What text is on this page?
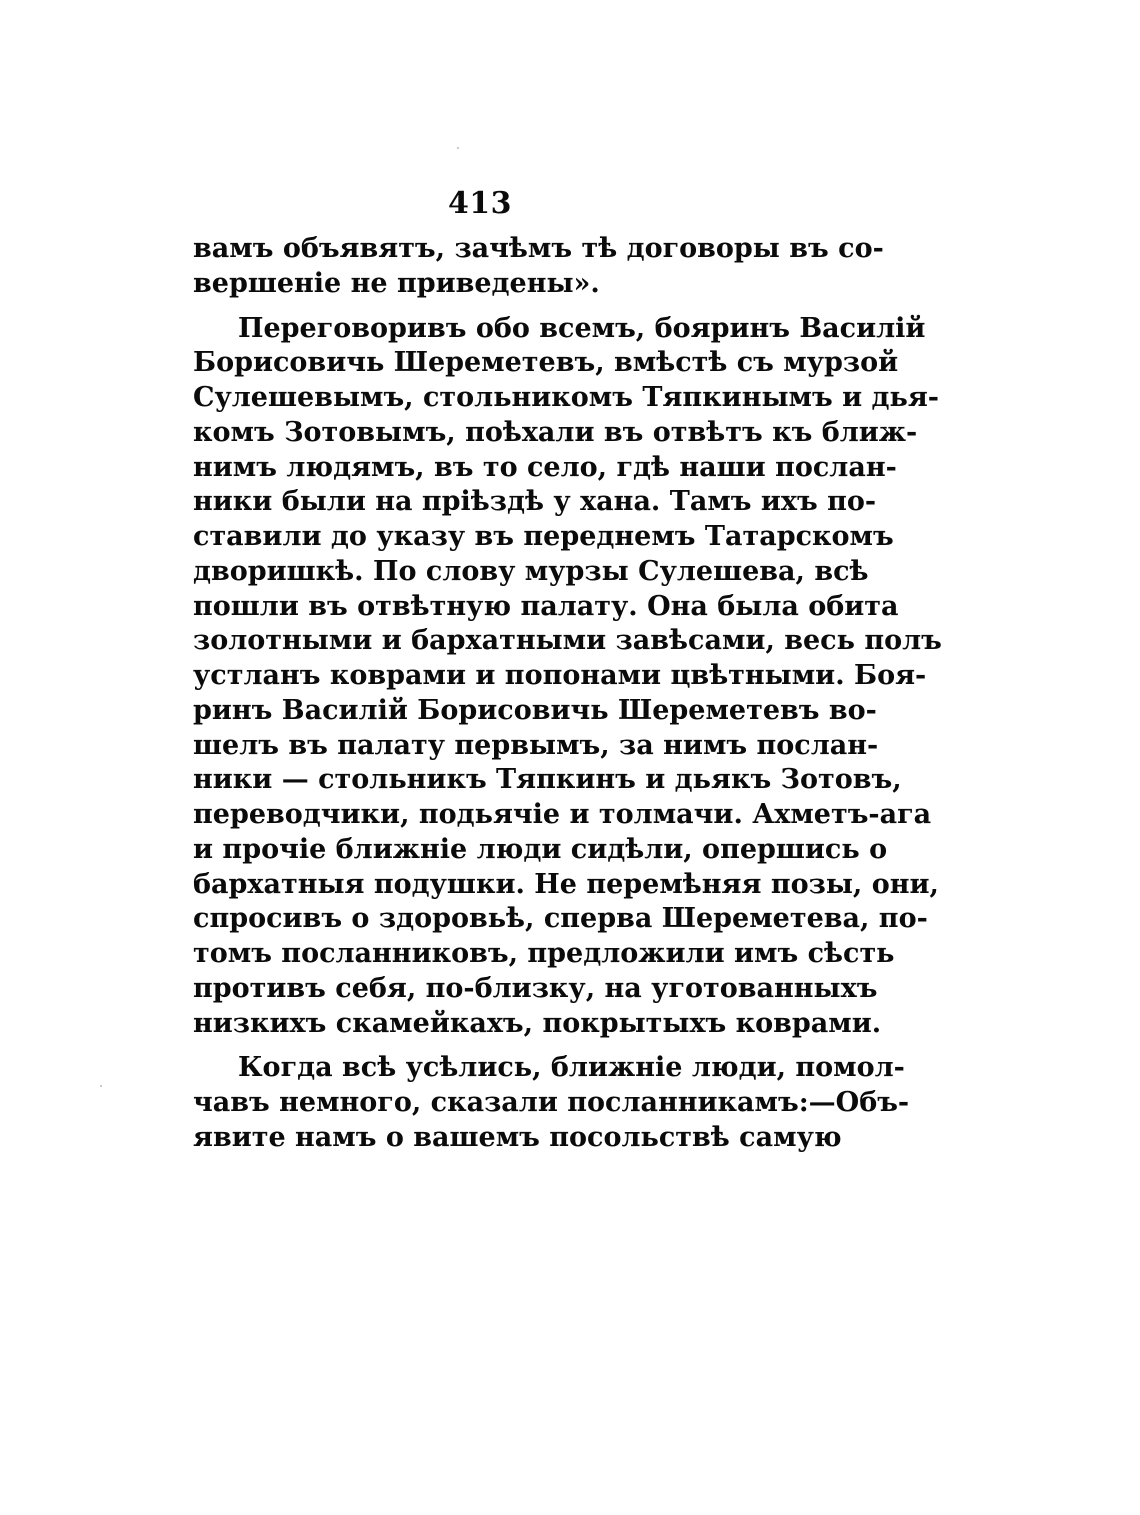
413
вамъ объявятъ, зачѣмъ тѣ договоры въ со-
вершеніе не приведены».
Переговоривъ обо всемъ, бояринъ Василій
Борисовичь Шереметевъ, вмѣстѣ съ мурзой
Сулешевымъ, стольникомъ Тяпкинымъ и дья-
комъ Зотовымъ, поѣхали въ отвѣтъ къ ближ-
нимъ людямъ, въ то село, гдѣ наши послан-
ники были на пріѣздѣ у хана. Тамъ ихъ по-
ставили до указу въ переднемъ Татарскомъ
дворишкѣ. По слову мурзы Сулешева, всѣ
пошли въ отвѣтную палату. Она была обита
золотными и бархатными завѣсами, весь полъ
устланъ коврами и попонами цвѣтными. Боя-
ринъ Василій Борисовичь Шереметевъ во-
шелъ въ палату первымъ, за нимъ послан-
ники — стольникъ Тяпкинъ и дьякъ Зотовъ,
переводчики, подьячіе и толмачи. Ахметъ-ага
и прочіе ближніе люди сидѣли, опершись о
бархатныя подушки. Не перемѣняя позы, они,
спросивъ о здоровьѣ, сперва Шереметева, по-
томъ посланниковъ, предложили имъ сѣсть
противъ себя, по-близку, на уготованныхъ
низкихъ скамейкахъ, покрытыхъ коврами.
Когда всѣ усѣлись, ближніе люди, помол-
чавъ немного, сказали посланникамъ:—Объ-
явите намъ о вашемъ посольствѣ самую
